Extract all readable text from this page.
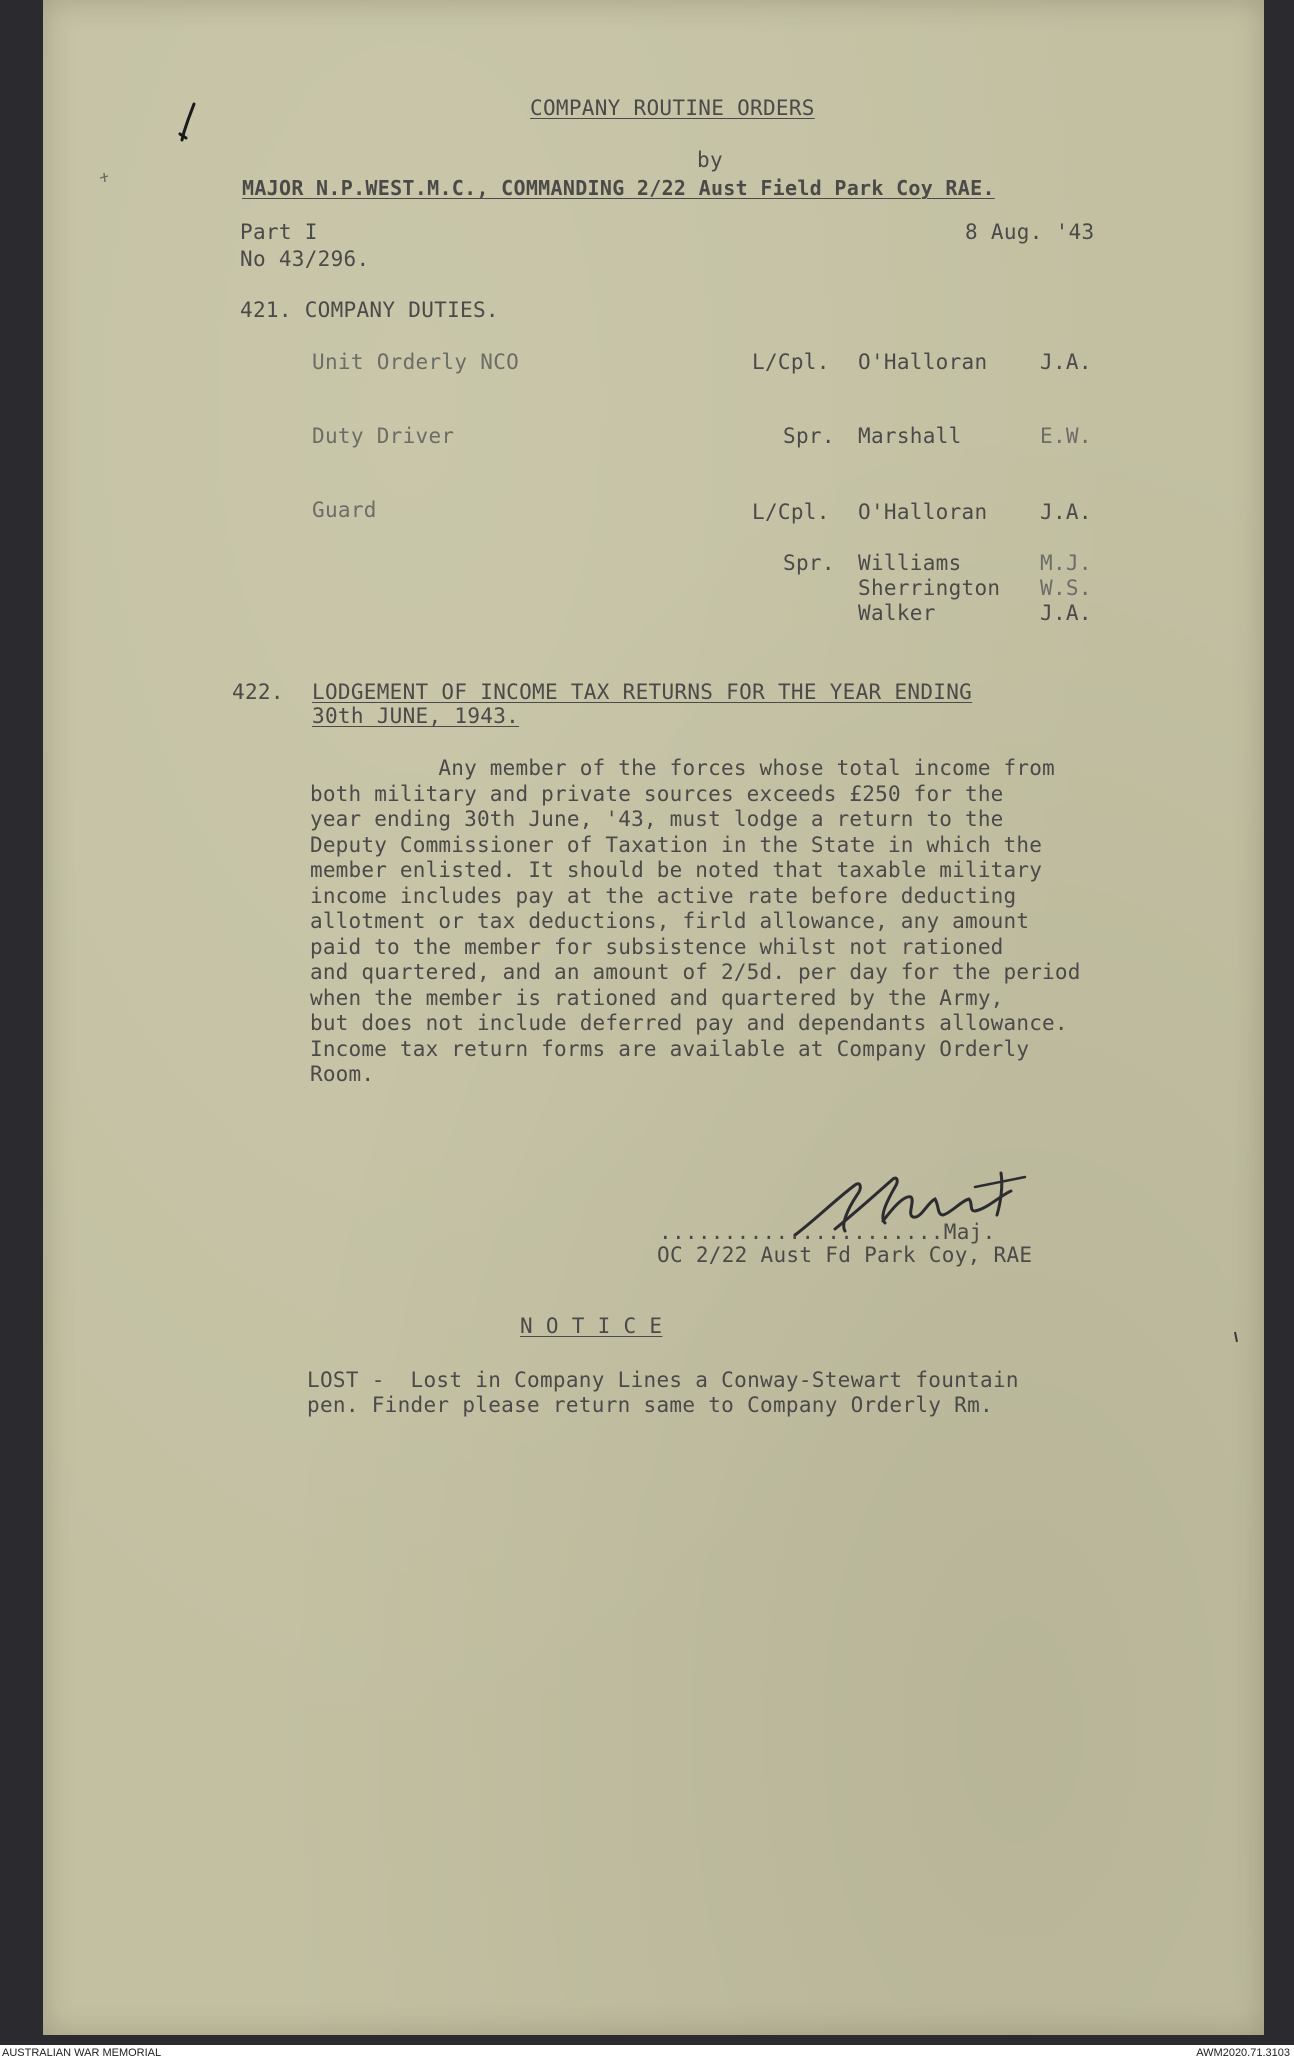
COMPANY ROUTINE ORDERS
by
MAJOR N.P.WEST.M.C., COMMANDING 2/22 Aust Field Park Coy RAE.
Part I
No 43/296.
8 Aug. '43
421. COMPANY DUTIES.
Unit Orderly NCO	L/Cpl. O'Halloran	J.A.
Duty Driver	Spr. Marshall	E.W.
Guard	L/Cpl. O'Halloran	J.A.
Spr. Williams	M.J.
Sherrington W.S.
Walker	J.A.
422. LODGEMENT OF INCOME TAX RETURNS FOR THE YEAR ENDING
30th JUNE, 1943.
Any member of the forces whose total income from
both military and private sources exceeds £250 for the
year ending 30th June, '43, must lodge a return to the
Deputy Commissioner of Taxation in the State in which the
member enlisted. It should be noted that taxable military
income includes pay at the active rate before deducting
allotment or tax deductions, firld allowance, any amount
paid to the member for subsistence whilst not rationed
and quartered, and an amount of 2/5d. per day for the period
when the member is rationed and quartered by the Army,
but does not include deferred pay and dependants allowance.
Income tax return forms are available at Company Orderly
Room.
......................Maj.
OC 2/22 Aust Fd Park Coy, RAE
N O T I C E
LOST -  Lost in Company Lines a Conway-Stewart fountain
pen. Finder please return same to Company Orderly Rm.
AUSTRALIAN WAR MEMORIAL	AWM2020.71.3103
